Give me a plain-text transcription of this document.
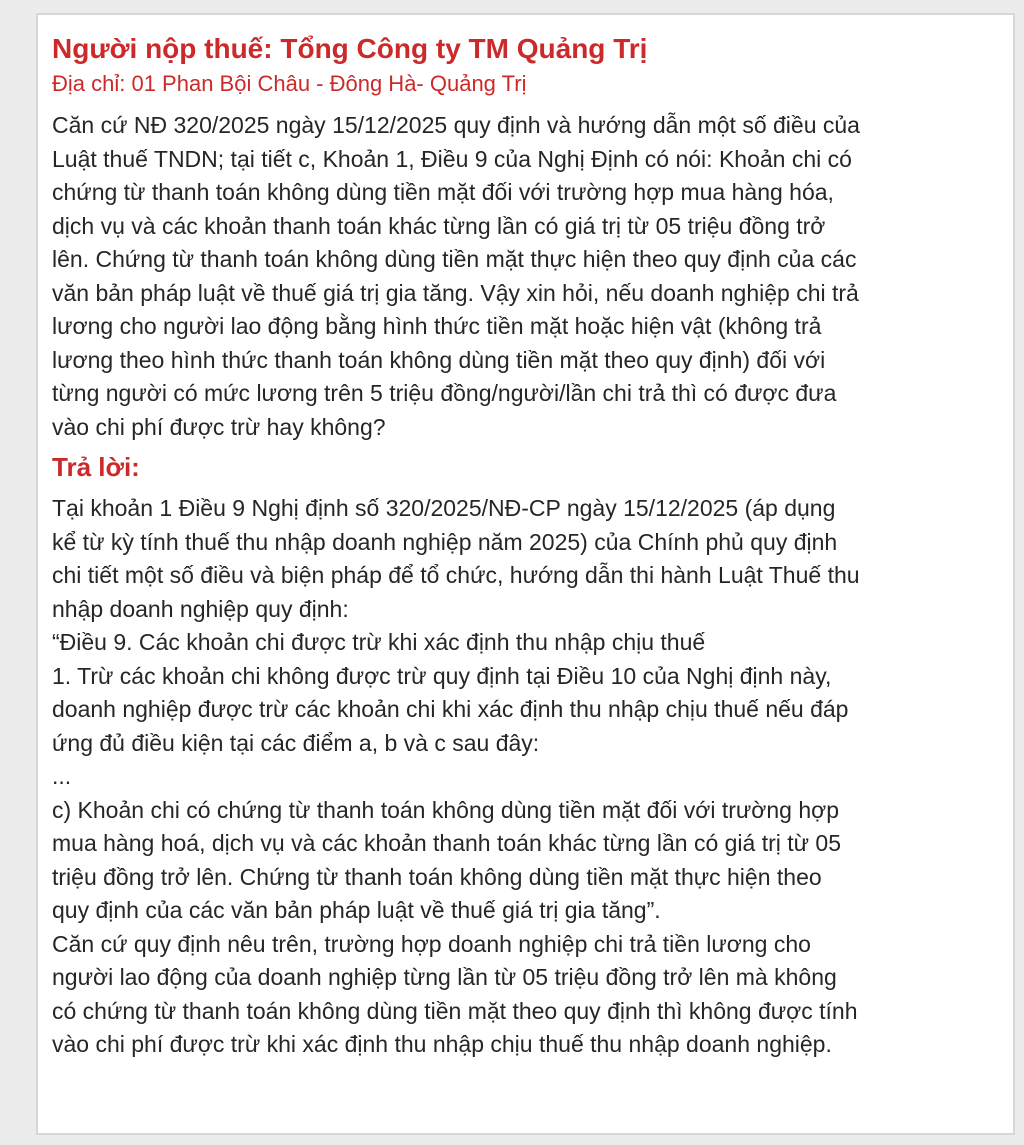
Người nộp thuế: Tổng Công ty TM Quảng Trị
Địa chỉ: 01 Phan Bội Châu - Đông Hà- Quảng Trị
Căn cứ NĐ 320/2025 ngày 15/12/2025 quy định và hướng dẫn một số điều của
Luật thuế TNDN; tại tiết c, Khoản 1, Điều 9 của Nghị Định có nói: Khoản chi có
chứng từ thanh toán không dùng tiền mặt đối với trường hợp mua hàng hóa,
dịch vụ và các khoản thanh toán khác từng lần có giá trị từ 05 triệu đồng trở
lên. Chứng từ thanh toán không dùng tiền mặt thực hiện theo quy định của các
văn bản pháp luật về thuế giá trị gia tăng. Vậy xin hỏi, nếu doanh nghiệp chi trả
lương cho người lao động bằng hình thức tiền mặt hoặc hiện vật (không trả
lương theo hình thức thanh toán không dùng tiền mặt theo quy định) đối với
từng người có mức lương trên 5 triệu đồng/người/lần chi trả thì có được đưa
vào chi phí được trừ hay không?
Trả lời:
Tại khoản 1 Điều 9 Nghị định số 320/2025/NĐ-CP ngày 15/12/2025 (áp dụng
kể từ kỳ tính thuế thu nhập doanh nghiệp năm 2025) của Chính phủ quy định
chi tiết một số điều và biện pháp để tổ chức, hướng dẫn thi hành Luật Thuế thu
nhập doanh nghiệp quy định:
“Điều 9. Các khoản chi được trừ khi xác định thu nhập chịu thuế
1. Trừ các khoản chi không được trừ quy định tại Điều 10 của Nghị định này,
doanh nghiệp được trừ các khoản chi khi xác định thu nhập chịu thuế nếu đáp
ứng đủ điều kiện tại các điểm a, b và c sau đây:
...
c) Khoản chi có chứng từ thanh toán không dùng tiền mặt đối với trường hợp
mua hàng hoá, dịch vụ và các khoản thanh toán khác từng lần có giá trị từ 05
triệu đồng trở lên. Chứng từ thanh toán không dùng tiền mặt thực hiện theo
quy định của các văn bản pháp luật về thuế giá trị gia tăng”.
Căn cứ quy định nêu trên, trường hợp doanh nghiệp chi trả tiền lương cho
người lao động của doanh nghiệp từng lần từ 05 triệu đồng trở lên mà không
có chứng từ thanh toán không dùng tiền mặt theo quy định thì không được tính
vào chi phí được trừ khi xác định thu nhập chịu thuế thu nhập doanh nghiệp.
